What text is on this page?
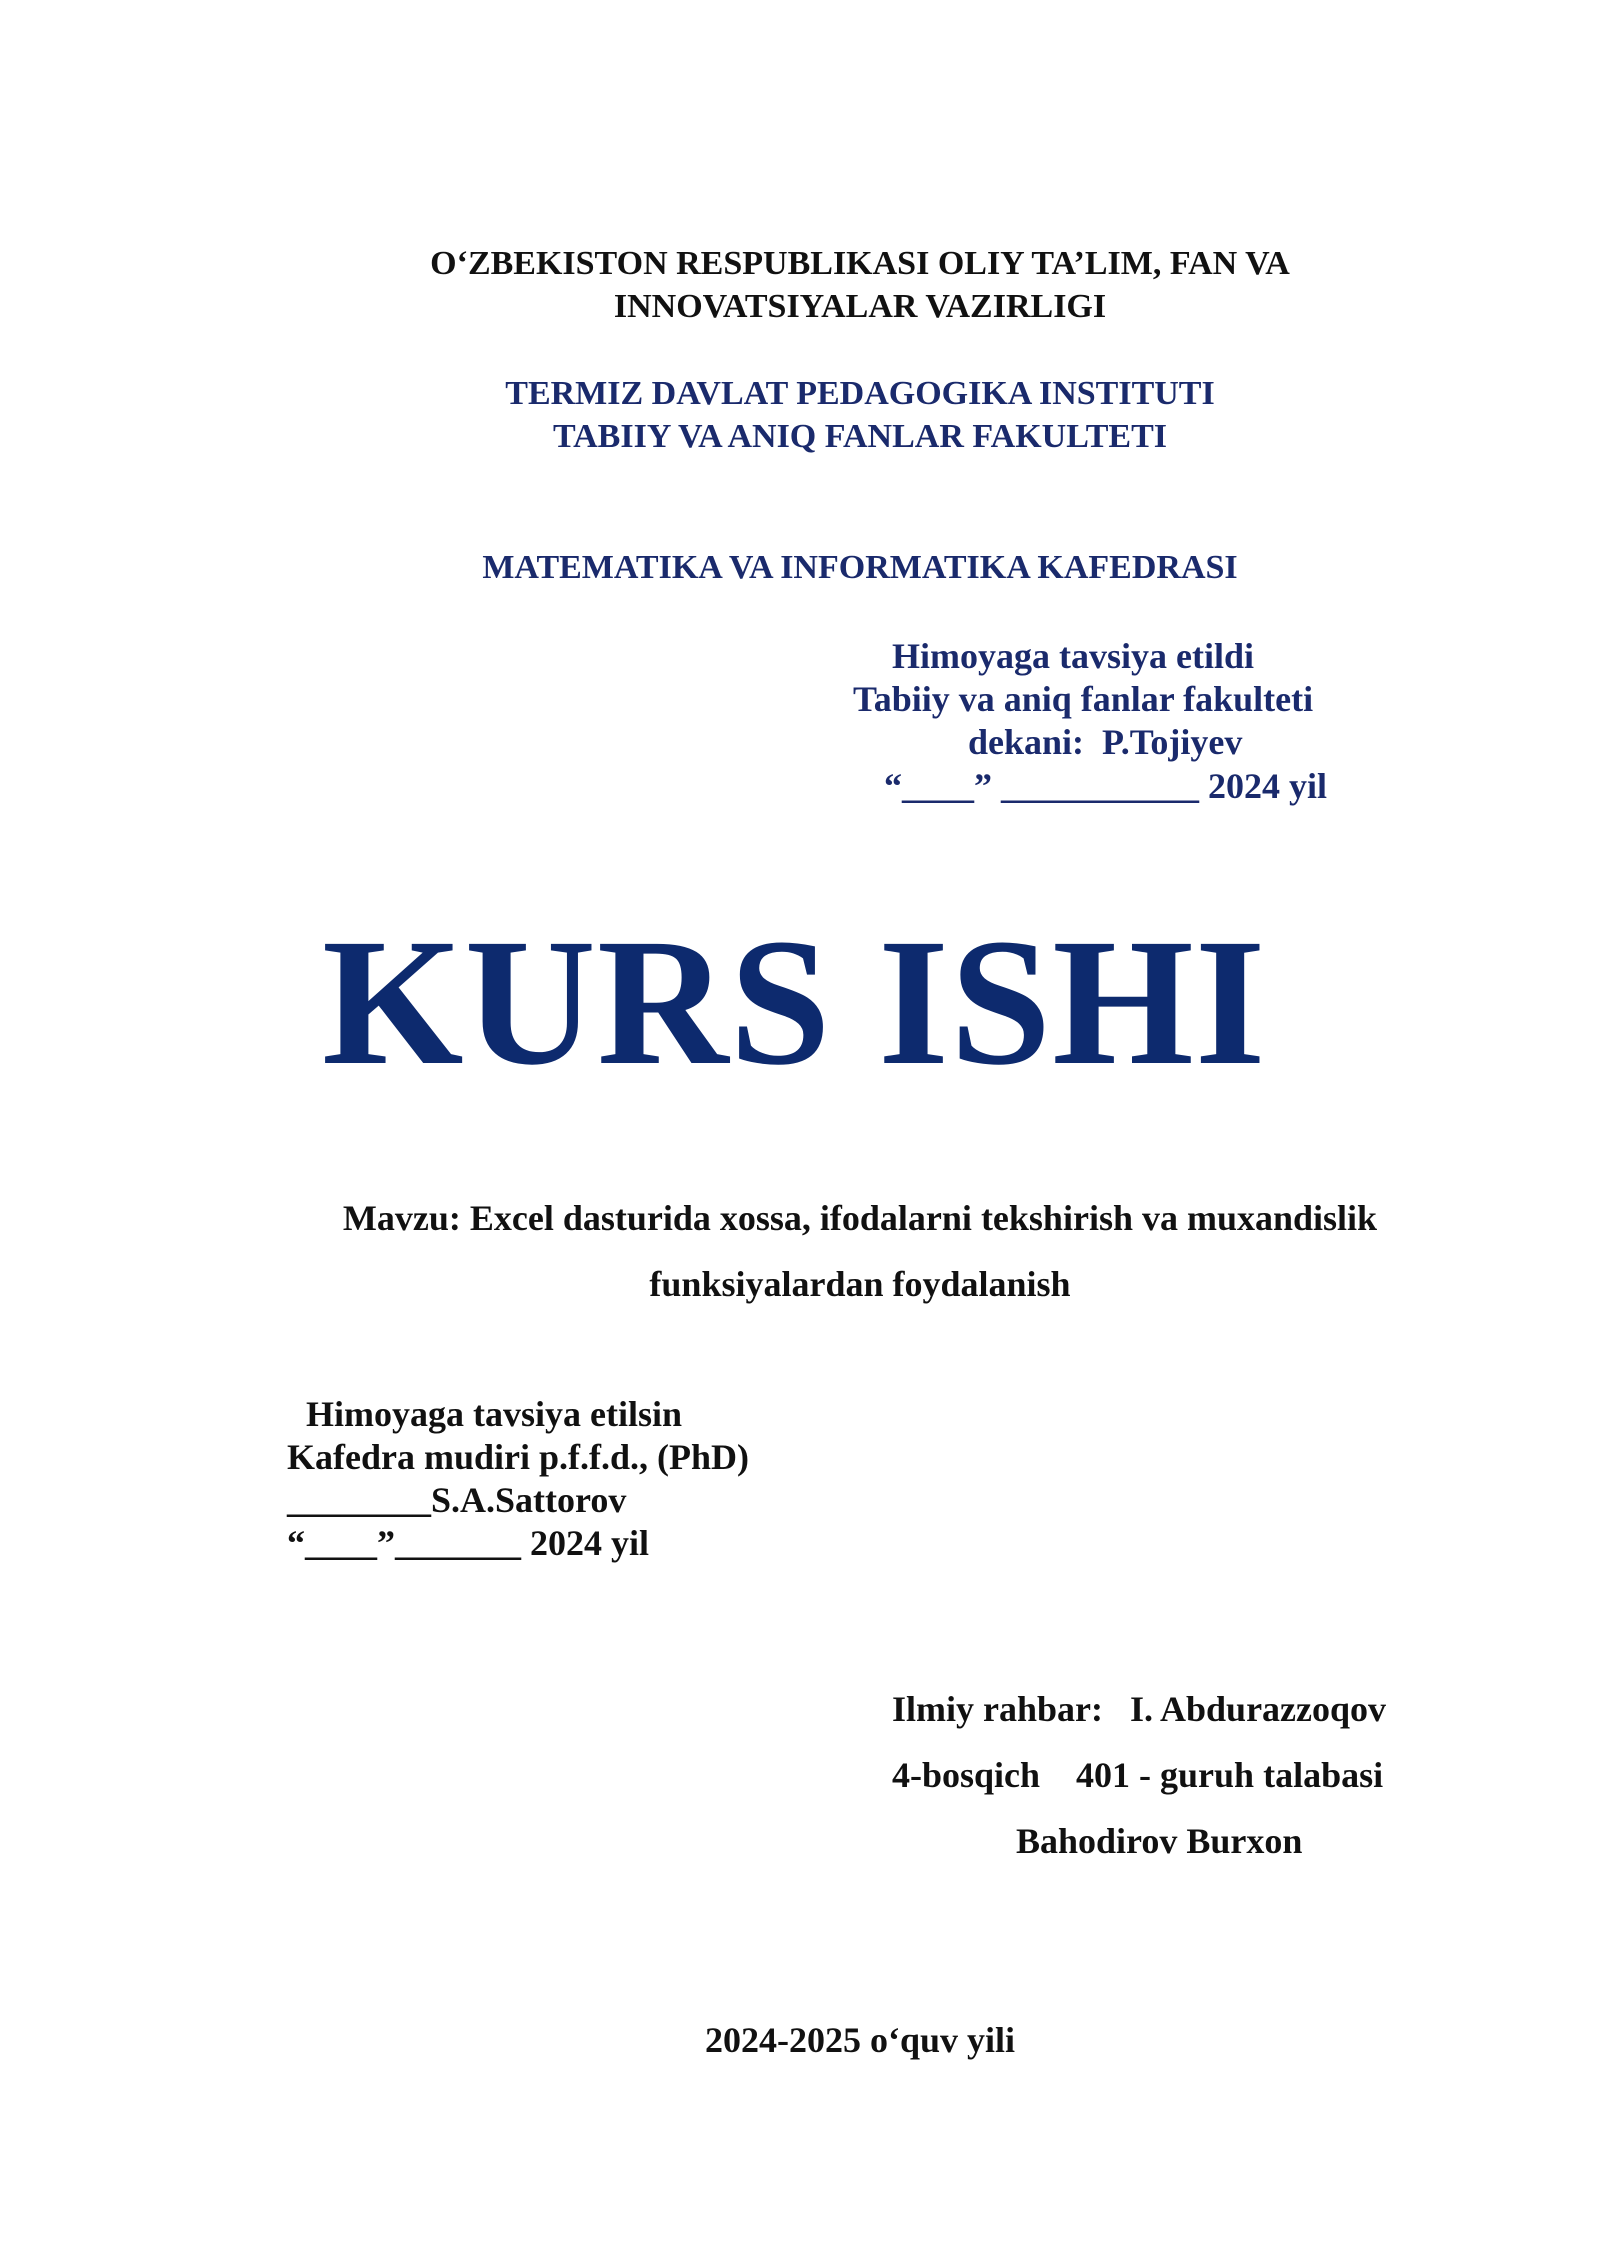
O‘ZBEKISTON RESPUBLIKASI OLIY TA’LIM, FAN VA
INNOVATSIYALAR VAZIRLIGI
TERMIZ DAVLAT PEDAGOGIKA INSTITUTI
TABIIY VA ANIQ FANLAR FAKULTETI
MATEMATIKA VA INFORMATIKA KAFEDRASI
Himoyaga tavsiya etildi
Tabiiy va aniq fanlar fakulteti
dekani:  P.Tojiyev
“____” ___________ 2024 yil
KURS ISHI
Mavzu: Excel dasturida xossa, ifodalarni tekshirish va muxandislik
funksiyalardan foydalanish
Himoyaga tavsiya etilsin
Kafedra mudiri p.f.f.d., (PhD)
________S.A.Sattorov
“____”_______ 2024 yil
Ilmiy rahbar:   I. Abdurazzoqov
4-bosqich    401 - guruh talabasi
Bahodirov Burxon
2024-2025 o‘quv yili
